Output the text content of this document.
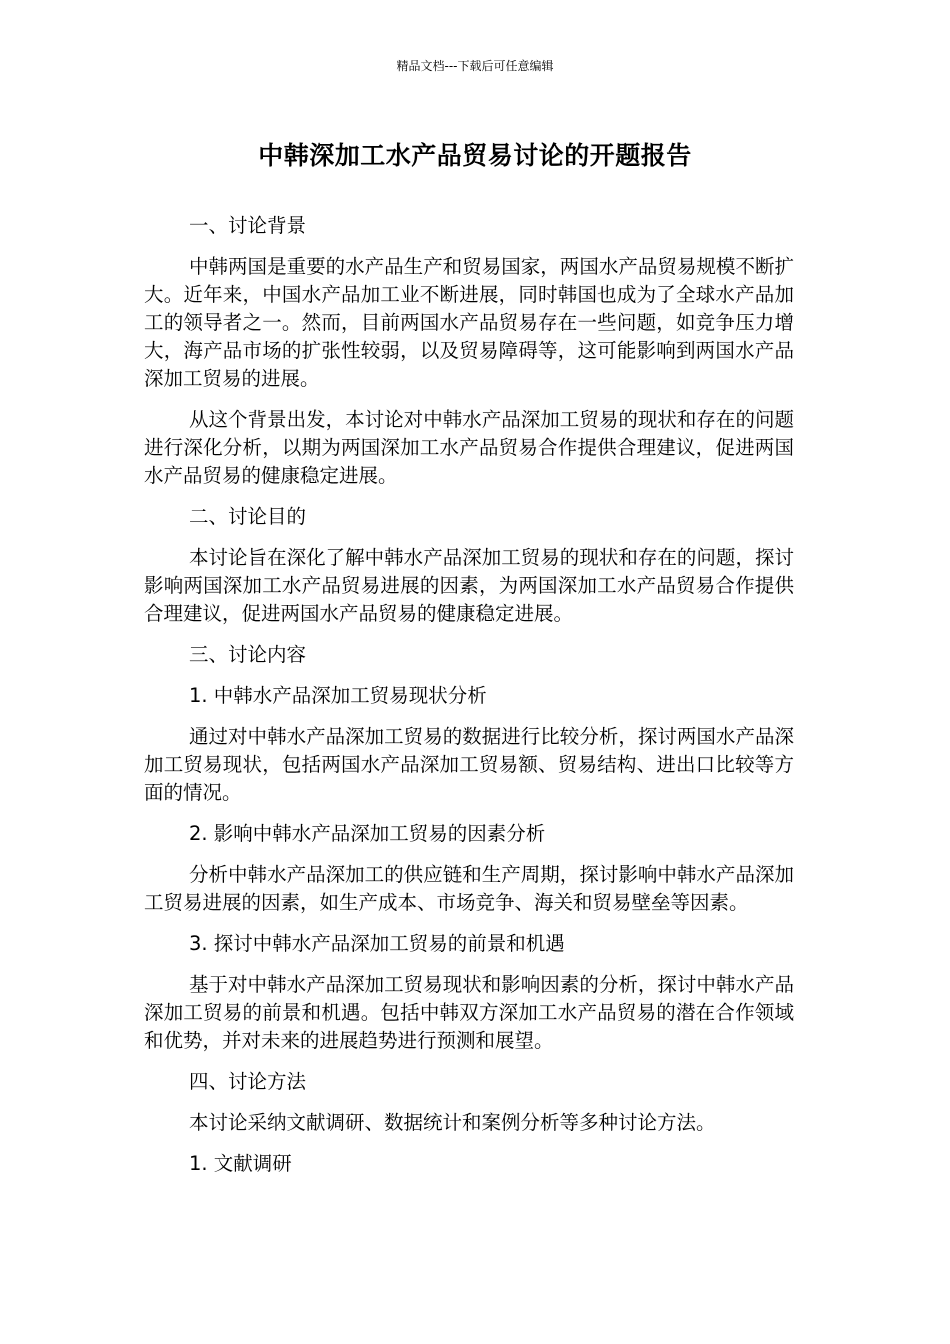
精品文档---下载后可任意编辑
中韩深加工水产品贸易讨论的开题报告

一、讨论背景

中韩两国是重要的水产品生产和贸易国家，两国水产品贸易规模不断扩大。近年来，中国水产品加工业不断进展，同时韩国也成为了全球水产品加工的领导者之一。然而，目前两国水产品贸易存在一些问题，如竞争压力增大，海产品市场的扩张性较弱，以及贸易障碍等，这可能影响到两国水产品深加工贸易的进展。

从这个背景出发，本讨论对中韩水产品深加工贸易的现状和存在的问题进行深化分析，以期为两国深加工水产品贸易合作提供合理建议，促进两国水产品贸易的健康稳定进展。

二、讨论目的

本讨论旨在深化了解中韩水产品深加工贸易的现状和存在的问题，探讨影响两国深加工水产品贸易进展的因素，为两国深加工水产品贸易合作提供合理建议，促进两国水产品贸易的健康稳定进展。

三、讨论内容

1. 中韩水产品深加工贸易现状分析

通过对中韩水产品深加工贸易的数据进行比较分析，探讨两国水产品深加工贸易现状，包括两国水产品深加工贸易额、贸易结构、进出口比较等方面的情况。

2. 影响中韩水产品深加工贸易的因素分析

分析中韩水产品深加工的供应链和生产周期，探讨影响中韩水产品深加工贸易进展的因素，如生产成本、市场竞争、海关和贸易壁垒等因素。

3. 探讨中韩水产品深加工贸易的前景和机遇

基于对中韩水产品深加工贸易现状和影响因素的分析，探讨中韩水产品深加工贸易的前景和机遇。包括中韩双方深加工水产品贸易的潜在合作领域和优势，并对未来的进展趋势进行预测和展望。

四、讨论方法

本讨论采纳文献调研、数据统计和案例分析等多种讨论方法。

1. 文献调研
